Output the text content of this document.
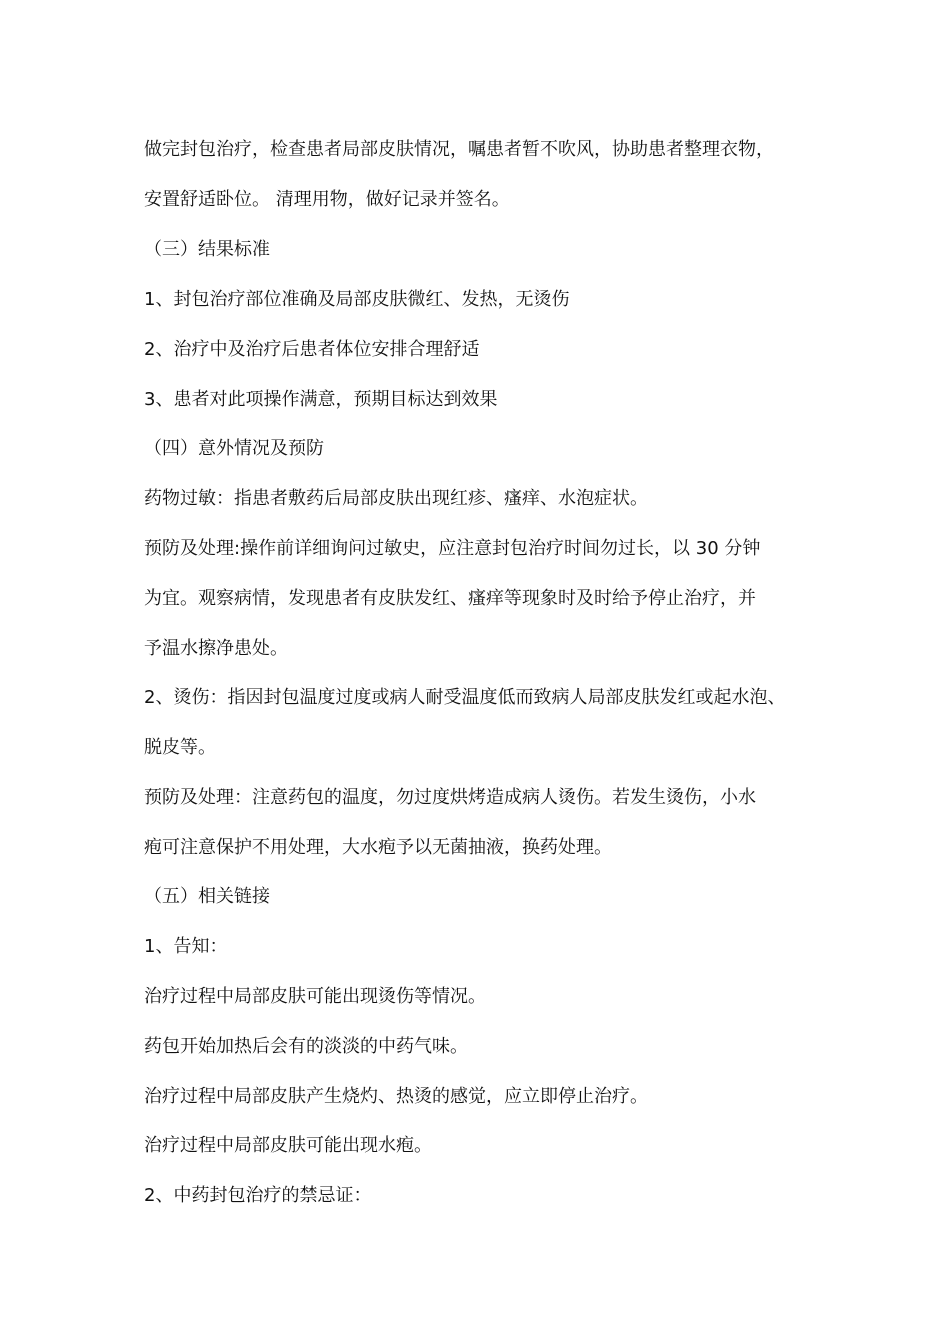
做完封包治疗，检查患者局部皮肤情况，嘱患者暂不吹风，协助患者整理衣物，
安置舒适卧位。 清理用物，做好记录并签名。
（三）结果标准
1、封包治疗部位准确及局部皮肤微红、发热，无烫伤
2、治疗中及治疗后患者体位安排合理舒适
3、患者对此项操作满意，预期目标达到效果
（四）意外情况及预防
药物过敏：指患者敷药后局部皮肤出现红疹、瘙痒、水泡症状。
预防及处理:操作前详细询问过敏史，应注意封包治疗时间勿过长，以 30 分钟
为宜。观察病情，发现患者有皮肤发红、瘙痒等现象时及时给予停止治疗，并
予温水擦净患处。
2、烫伤：指因封包温度过度或病人耐受温度低而致病人局部皮肤发红或起水泡、
脱皮等。
预防及处理：注意药包的温度，勿过度烘烤造成病人烫伤。若发生烫伤，小水
疱可注意保护不用处理，大水疱予以无菌抽液，换药处理。
（五）相关链接
1、告知：
治疗过程中局部皮肤可能出现烫伤等情况。
药包开始加热后会有的淡淡的中药气味。
治疗过程中局部皮肤产生烧灼、热烫的感觉，应立即停止治疗。
治疗过程中局部皮肤可能出现水疱。
2、中药封包治疗的禁忌证：
